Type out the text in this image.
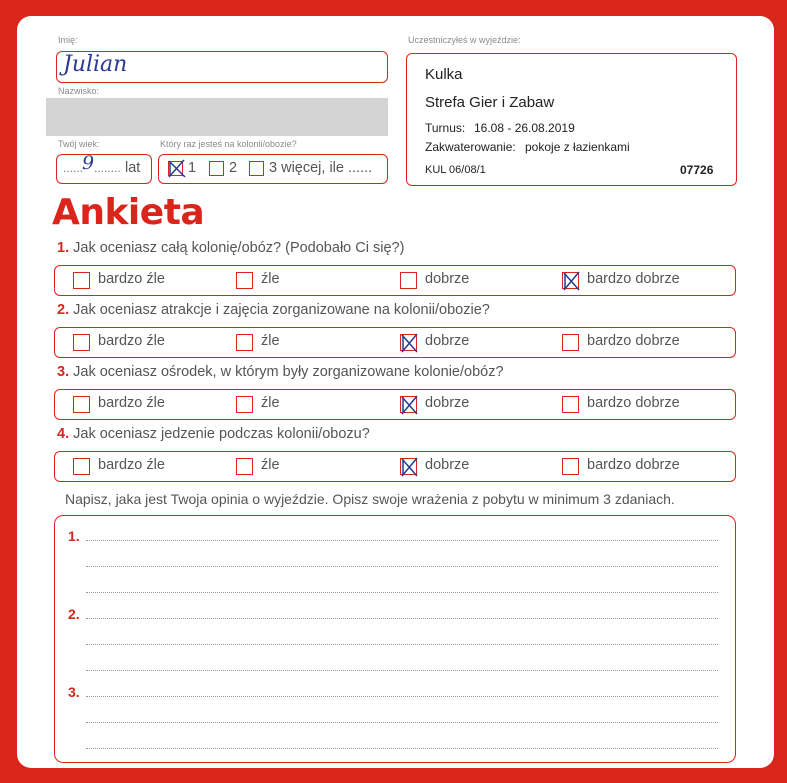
Imię:
Julian
Nazwisko:
Twój wiek:
......
9 ........ lat
Który raz jesteś na kolonii/obozie?
1 2 3 więcej, ile ......
Uczestniczyłeś w wyjeździe:
Kulka
Strefa Gier i Zabaw
Turnus: 16.08 - 26.08.2019
Zakwaterowanie: pokoje z łazienkami
KUL 06/08/1	07726
Ankieta
1. Jak oceniasz całą kolonię/obóz? (Podobało Ci się?)
bardzo źle	źle	dobrze	bardzo dobrze
2. Jak oceniasz atrakcje i zajęcia zorganizowane na kolonii/obozie?
bardzo źle	źle	dobrze	bardzo dobrze
3. Jak oceniasz ośrodek, w którym były zorganizowane kolonie/obóz?
bardzo źle	źle	dobrze	bardzo dobrze
4. Jak oceniasz jedzenie podczas kolonii/obozu?
bardzo źle	źle	dobrze	bardzo dobrze
Napisz, jaka jest Twoja opinia o wyjeździe. Opisz swoje wrażenia z pobytu w minimum 3 zdaniach.
1.
2.
3.
